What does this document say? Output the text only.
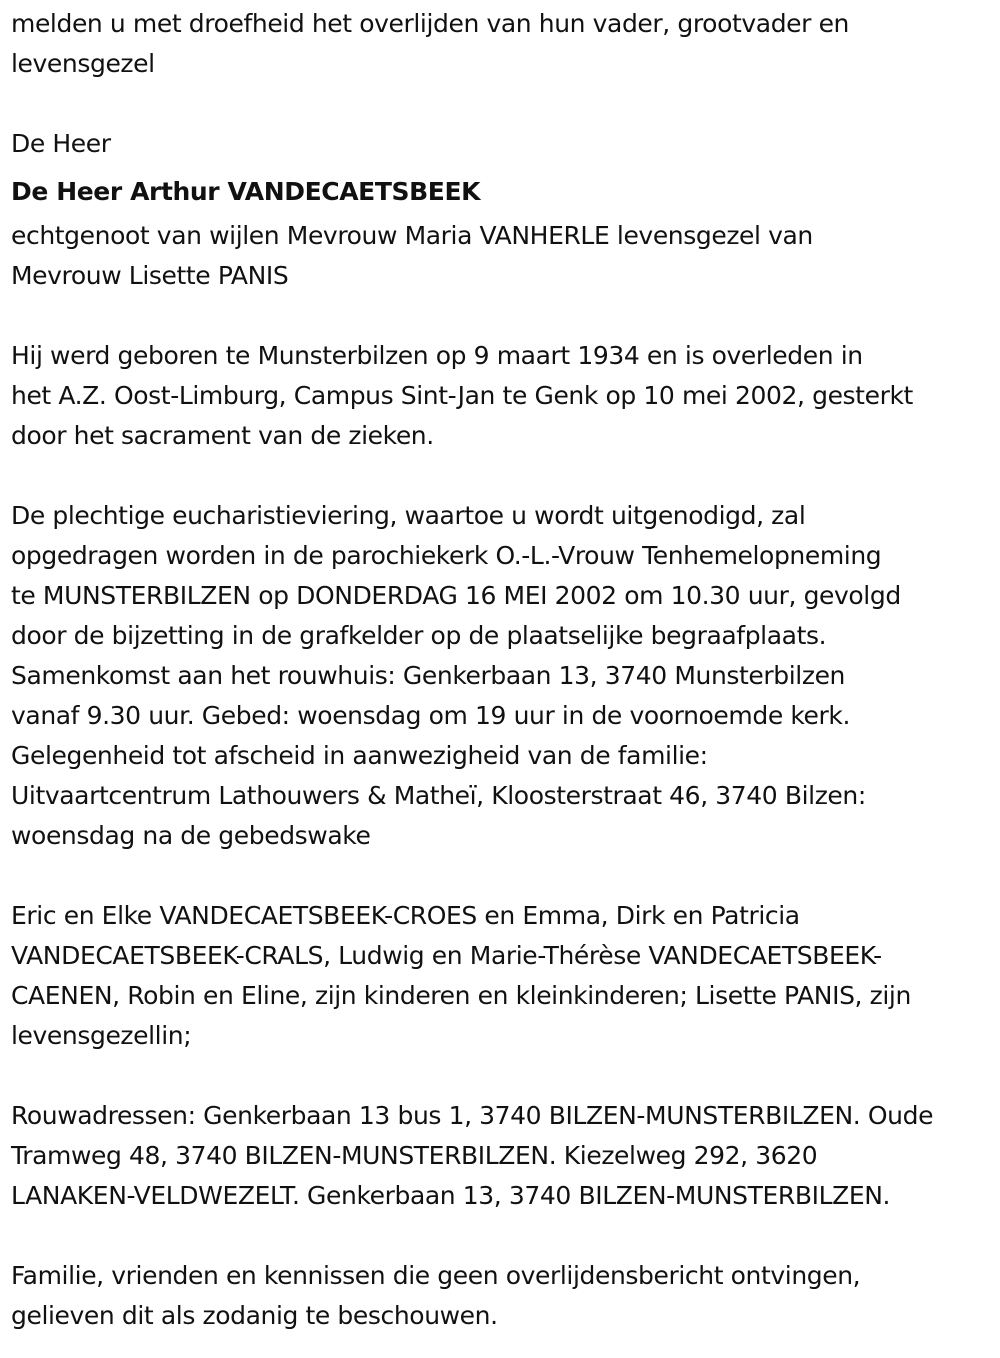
melden u met droefheid het overlijden van hun vader, grootvader en

levensgezel

De Heer

De Heer Arthur VANDECAETSBEEK

echtgenoot van wijlen Mevrouw Maria VANHERLE levensgezel van

Mevrouw Lisette PANIS

Hij werd geboren te Munsterbilzen op 9 maart 1934 en is overleden in

het A.Z. Oost-Limburg, Campus Sint-Jan te Genk op 10 mei 2002, gesterkt

door het sacrament van de zieken.

De plechtige eucharistieviering, waartoe u wordt uitgenodigd, zal

opgedragen worden in de parochiekerk O.-L.-Vrouw Tenhemelopneming

te MUNSTERBILZEN op DONDERDAG 16 MEI 2002 om 10.30 uur, gevolgd

door de bijzetting in de grafkelder op de plaatselijke begraafplaats.

Samenkomst aan het rouwhuis: Genkerbaan 13, 3740 Munsterbilzen

vanaf 9.30 uur. Gebed: woensdag om 19 uur in de voornoemde kerk.

Gelegenheid tot afscheid in aanwezigheid van de familie:

Uitvaartcentrum Lathouwers & Matheï, Kloosterstraat 46, 3740 Bilzen:

woensdag na de gebedswake

Eric en Elke VANDECAETSBEEK-CROES en Emma, Dirk en Patricia

VANDECAETSBEEK-CRALS, Ludwig en Marie-Thérèse VANDECAETSBEEK-

CAENEN, Robin en Eline, zijn kinderen en kleinkinderen; Lisette PANIS, zijn

levensgezellin;

Rouwadressen: Genkerbaan 13 bus 1, 3740 BILZEN-MUNSTERBILZEN. Oude

Tramweg 48, 3740 BILZEN-MUNSTERBILZEN. Kiezelweg 292, 3620

LANAKEN-VELDWEZELT. Genkerbaan 13, 3740 BILZEN-MUNSTERBILZEN.

Familie, vrienden en kennissen die geen overlijdensbericht ontvingen,

gelieven dit als zodanig te beschouwen.
